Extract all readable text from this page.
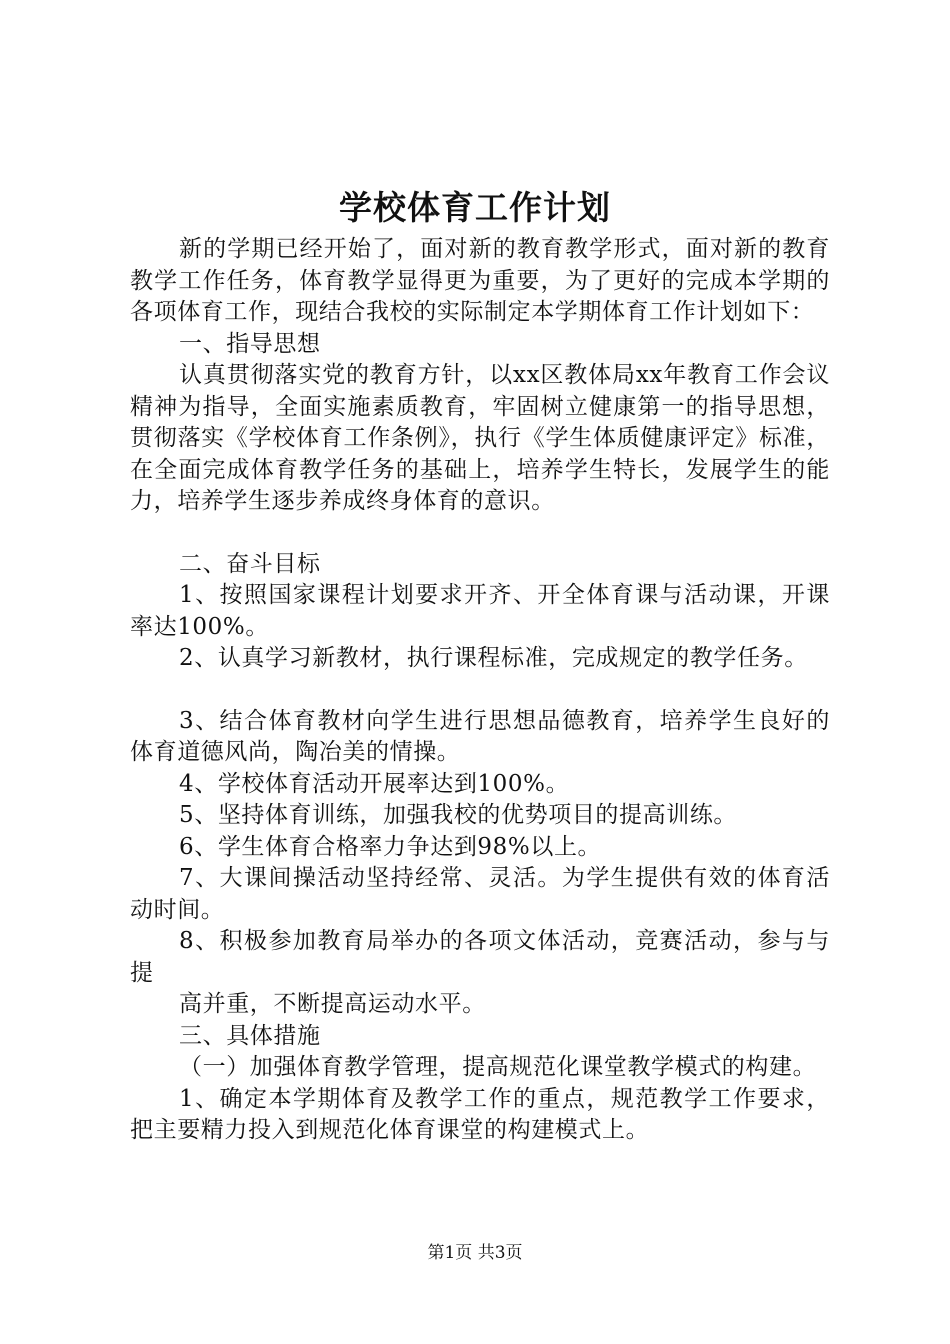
学校体育工作计划

新的学期已经开始了，面对新的教育教学形式，面对新的教育教学工作任务，体育教学显得更为重要，为了更好的完成本学期的各项体育工作，现结合我校的实际制定本学期体育工作计划如下：

一、指导思想

认真贯彻落实党的教育方针，以xx区教体局xx年教育工作会议精神为指导，全面实施素质教育，牢固树立健康第一的指导思想，贯彻落实《学校体育工作条例》，执行《学生体质健康评定》标准，在全面完成体育教学任务的基础上，培养学生特长，发展学生的能力，培养学生逐步养成终身体育的意识。

二、奋斗目标

1、按照国家课程计划要求开齐、开全体育课与活动课，开课率达100%。

2、认真学习新教材，执行课程标准，完成规定的教学任务。

3、结合体育教材向学生进行思想品德教育，培养学生良好的体育道德风尚，陶冶美的情操。

4、学校体育活动开展率达到100%。

5、坚持体育训练，加强我校的优势项目的提高训练。

6、学生体育合格率力争达到98%以上。

7、大课间操活动坚持经常、灵活。为学生提供有效的体育活动时间。

8、积极参加教育局举办的各项文体活动，竞赛活动，参与与提

高并重，不断提高运动水平。

三、具体措施

（一）加强体育教学管理，提高规范化课堂教学模式的构建。

1、确定本学期体育及教学工作的重点，规范教学工作要求，把主要精力投入到规范化体育课堂的构建模式上。

第1页 共3页
